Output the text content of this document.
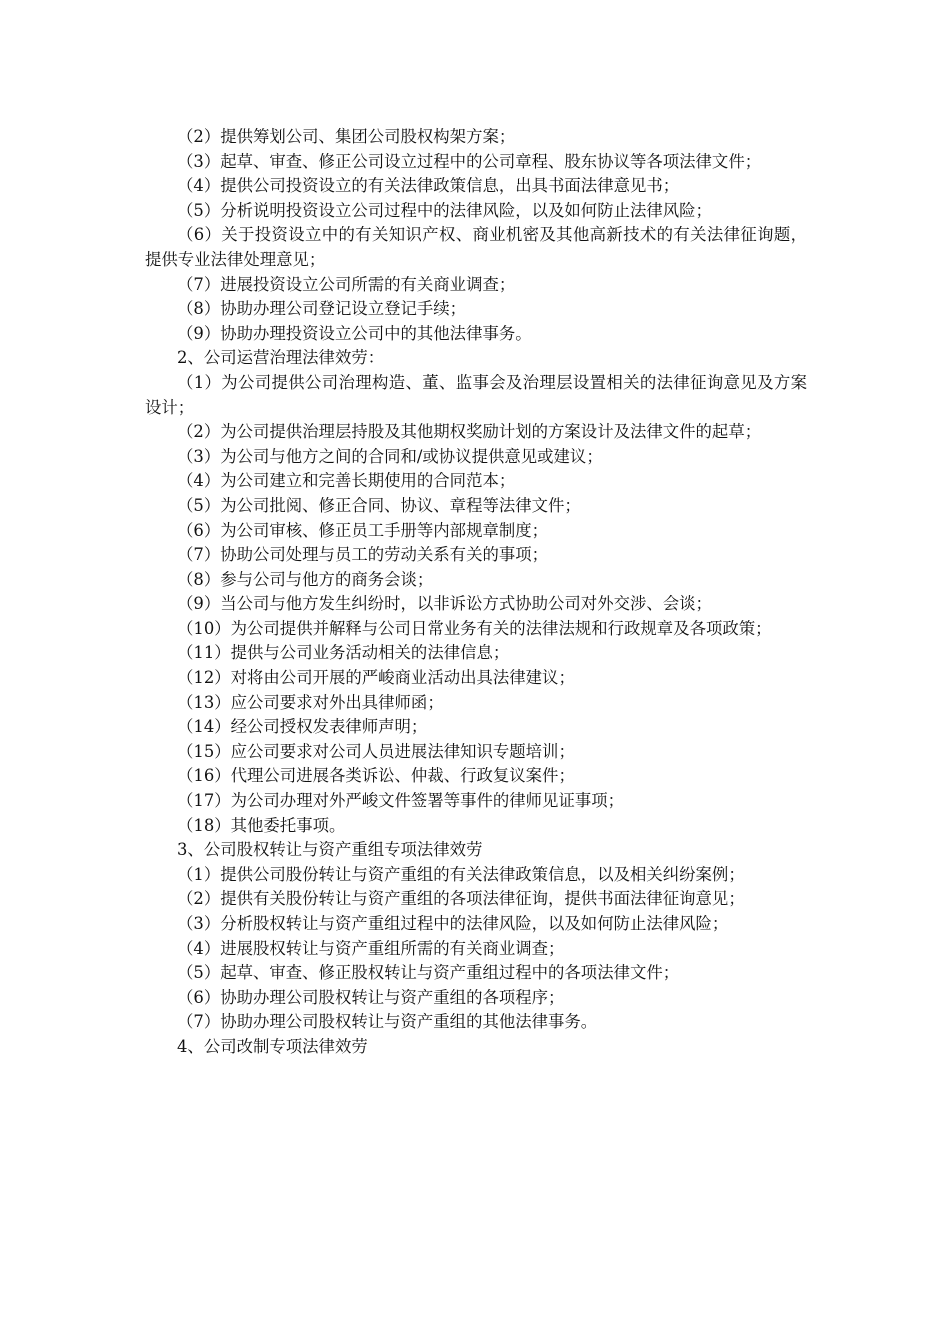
（2）提供筹划公司、集团公司股权构架方案；

（3）起草、审查、修正公司设立过程中的公司章程、股东协议等各项法律文件；

（4）提供公司投资设立的有关法律政策信息，出具书面法律意见书；

（5）分析说明投资设立公司过程中的法律风险，以及如何防止法律风险；

（6）关于投资设立中的有关知识产权、商业机密及其他高新技术的有关法律征询题，提供专业法律处理意见；

（7）进展投资设立公司所需的有关商业调查；

（8）协助办理公司登记设立登记手续；

（9）协助办理投资设立公司中的其他法律事务。

2、公司运营治理法律效劳：

（1）为公司提供公司治理构造、董、监事会及治理层设置相关的法律征询意见及方案设计；

（2）为公司提供治理层持股及其他期权奖励计划的方案设计及法律文件的起草；

（3）为公司与他方之间的合同和/或协议提供意见或建议；

（4）为公司建立和完善长期使用的合同范本；

（5）为公司批阅、修正合同、协议、章程等法律文件；

（6）为公司审核、修正员工手册等内部规章制度；

（7）协助公司处理与员工的劳动关系有关的事项；

（8）参与公司与他方的商务会谈；

（9）当公司与他方发生纠纷时，以非诉讼方式协助公司对外交涉、会谈；

（10）为公司提供并解释与公司日常业务有关的法律法规和行政规章及各项政策；

（11）提供与公司业务活动相关的法律信息；

（12）对将由公司开展的严峻商业活动出具法律建议；

（13）应公司要求对外出具律师函；

（14）经公司授权发表律师声明；

（15）应公司要求对公司人员进展法律知识专题培训；

（16）代理公司进展各类诉讼、仲裁、行政复议案件；

（17）为公司办理对外严峻文件签署等事件的律师见证事项；

（18）其他委托事项。

3、公司股权转让与资产重组专项法律效劳

（1）提供公司股份转让与资产重组的有关法律政策信息，以及相关纠纷案例；

（2）提供有关股份转让与资产重组的各项法律征询，提供书面法律征询意见；

（3）分析股权转让与资产重组过程中的法律风险，以及如何防止法律风险；

（4）进展股权转让与资产重组所需的有关商业调查；

（5）起草、审查、修正股权转让与资产重组过程中的各项法律文件；

（6）协助办理公司股权转让与资产重组的各项程序；

（7）协助办理公司股权转让与资产重组的其他法律事务。

4、公司改制专项法律效劳
